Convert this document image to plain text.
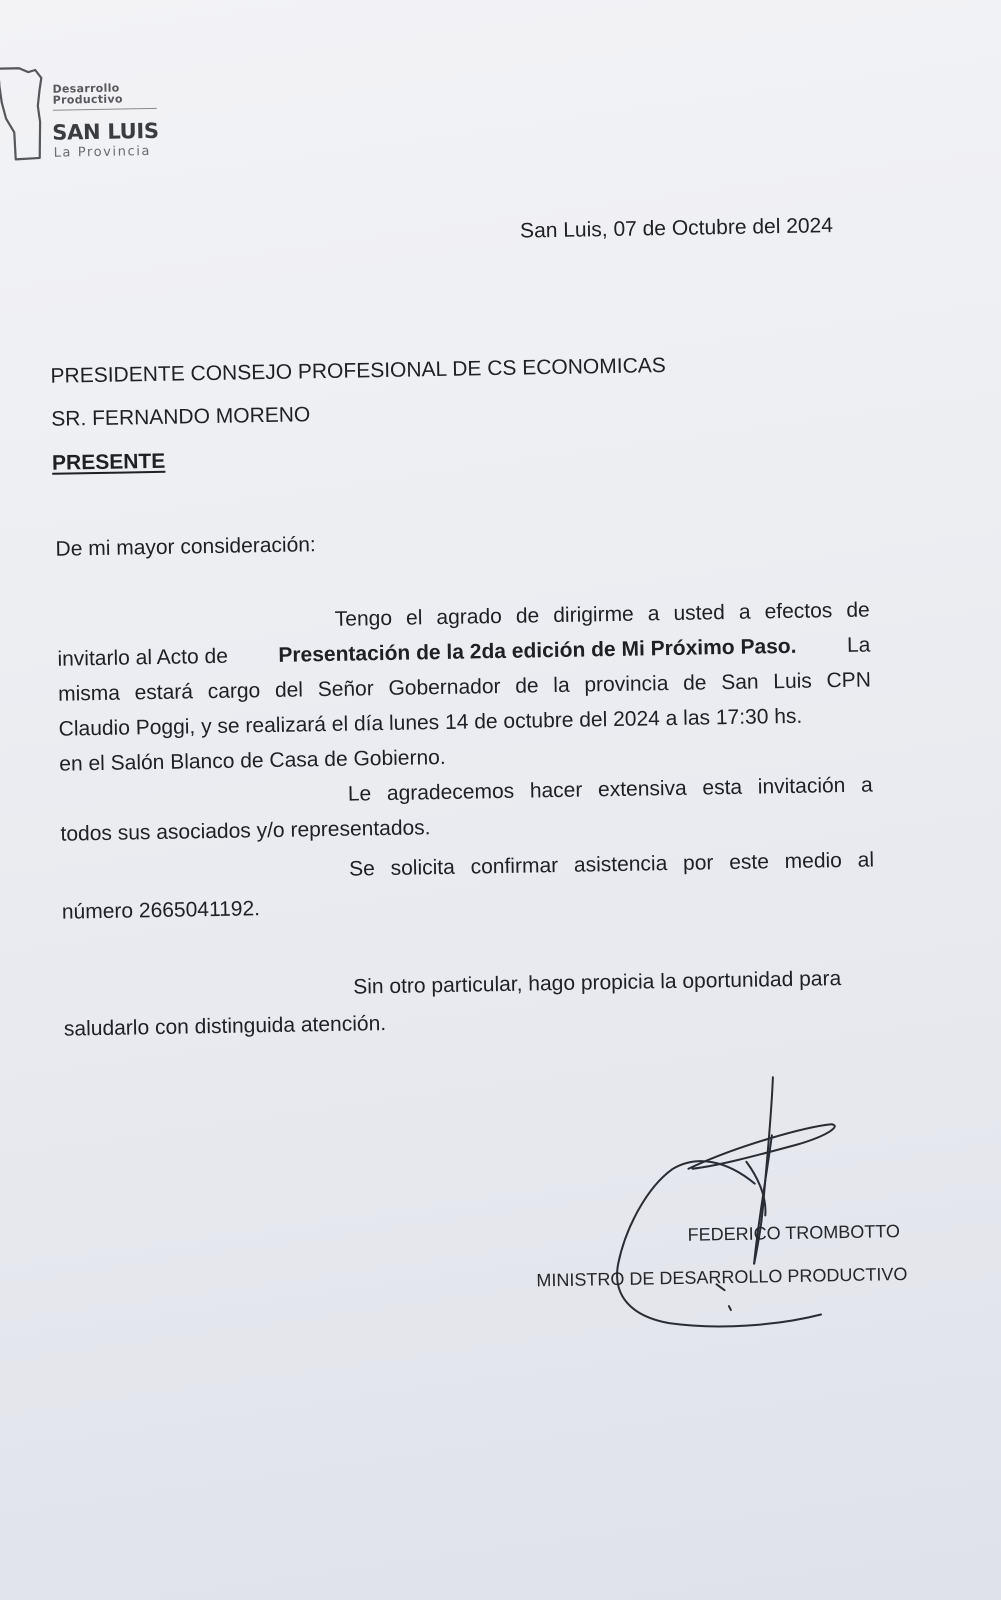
Desarrollo
Productivo
SAN LUIS
La Provincia
San Luis, 07 de Octubre del 2024
PRESIDENTE CONSEJO PROFESIONAL DE CS ECONOMICAS
SR. FERNANDO MORENO
PRESENTE
De mi mayor consideración:
Tengo el agrado de dirigirme a usted a efectos de
invitarlo al Acto de Presentación de la 2da edición de Mi Próximo Paso. La
misma estará cargo del Señor Gobernador de la provincia de San Luis CPN
Claudio Poggi, y se realizará el día lunes 14 de octubre del 2024 a las 17:30 hs.
en el Salón Blanco de Casa de Gobierno.
Le agradecemos hacer extensiva esta invitación a
todos sus asociados y/o representados.
Se solicita confirmar asistencia por este medio al
número 2665041192.
Sin otro particular, hago propicia la oportunidad para
saludarlo con distinguida atención.
FEDERICO TROMBOTTO
MINISTRO DE DESARROLLO PRODUCTIVO
